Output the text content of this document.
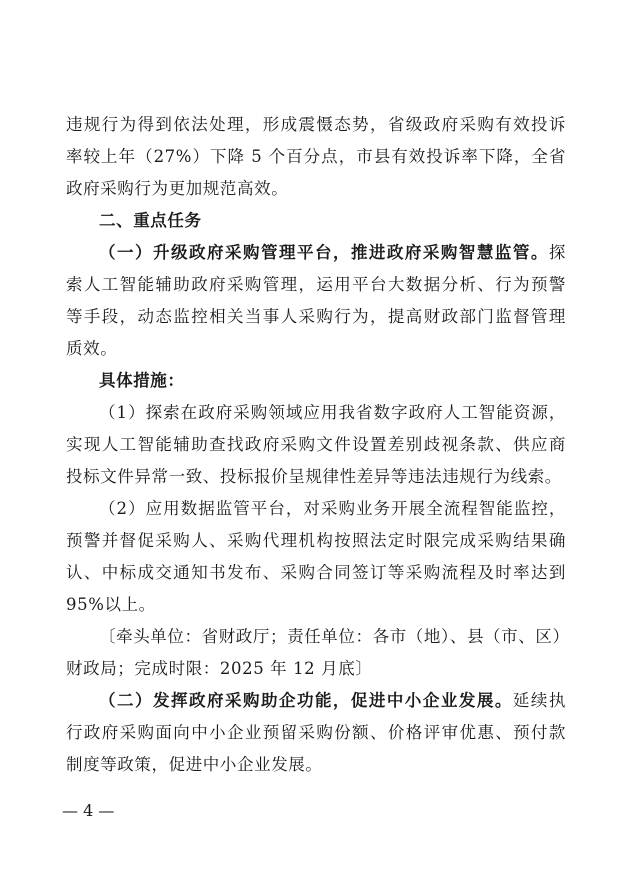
违规行为得到依法处理，形成震慑态势，省级政府采购有效投诉
率较上年（27%）下降 5 个百分点，市县有效投诉率下降，全省
政府采购行为更加规范高效。
二、重点任务
（一）升级政府采购管理平台，推进政府采购智慧监管。探
索人工智能辅助政府采购管理，运用平台大数据分析、行为预警
等手段，动态监控相关当事人采购行为，提高财政部门监督管理
质效。
具体措施：
（1）探索在政府采购领域应用我省数字政府人工智能资源，
实现人工智能辅助查找政府采购文件设置差别歧视条款、供应商
投标文件异常一致、投标报价呈规律性差异等违法违规行为线索。
（2）应用数据监管平台，对采购业务开展全流程智能监控，
预警并督促采购人、采购代理机构按照法定时限完成采购结果确
认、中标成交通知书发布、采购合同签订等采购流程及时率达到
95%以上。
〔牵头单位：省财政厅；责任单位：各市（地）、县（市、区）
财政局；完成时限：2025 年 12 月底〕
（二）发挥政府采购助企功能，促进中小企业发展。延续执
行政府采购面向中小企业预留采购份额、价格评审优惠、预付款
制度等政策，促进中小企业发展。
— 4 —
